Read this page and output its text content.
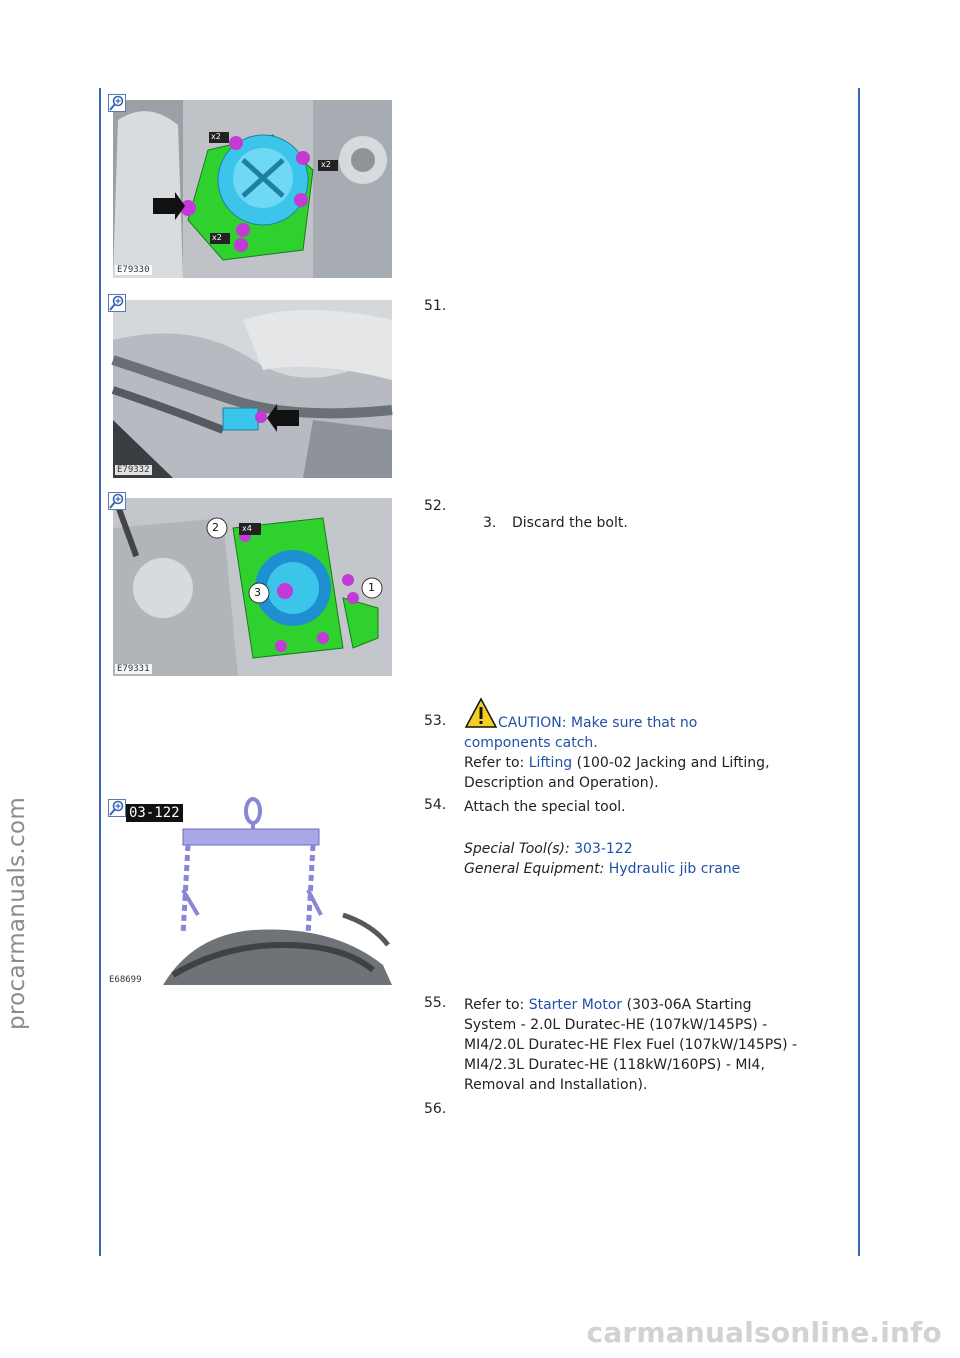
procarmanuals.com
carmanualsonline.info
x2
x2
x2
E79330
E79332
2
3	1
x4
E79331
E68699
03-122
51.
52.
3. Discard the bolt.
53.	CAUTION: Make sure that no
components catch.
Refer to: Lifting (100-02 Jacking and Lifting,
Description and Operation).
54. Attach the special tool.
Special Tool(s): 303-122
General Equipment: Hydraulic jib crane
55. Refer to: Starter Motor (303-06A Starting
System - 2.0L Duratec-HE (107kW/145PS) -
MI4/2.0L Duratec-HE Flex Fuel (107kW/145PS) -
MI4/2.3L Duratec-HE (118kW/160PS) - MI4,
Removal and Installation).
56.
